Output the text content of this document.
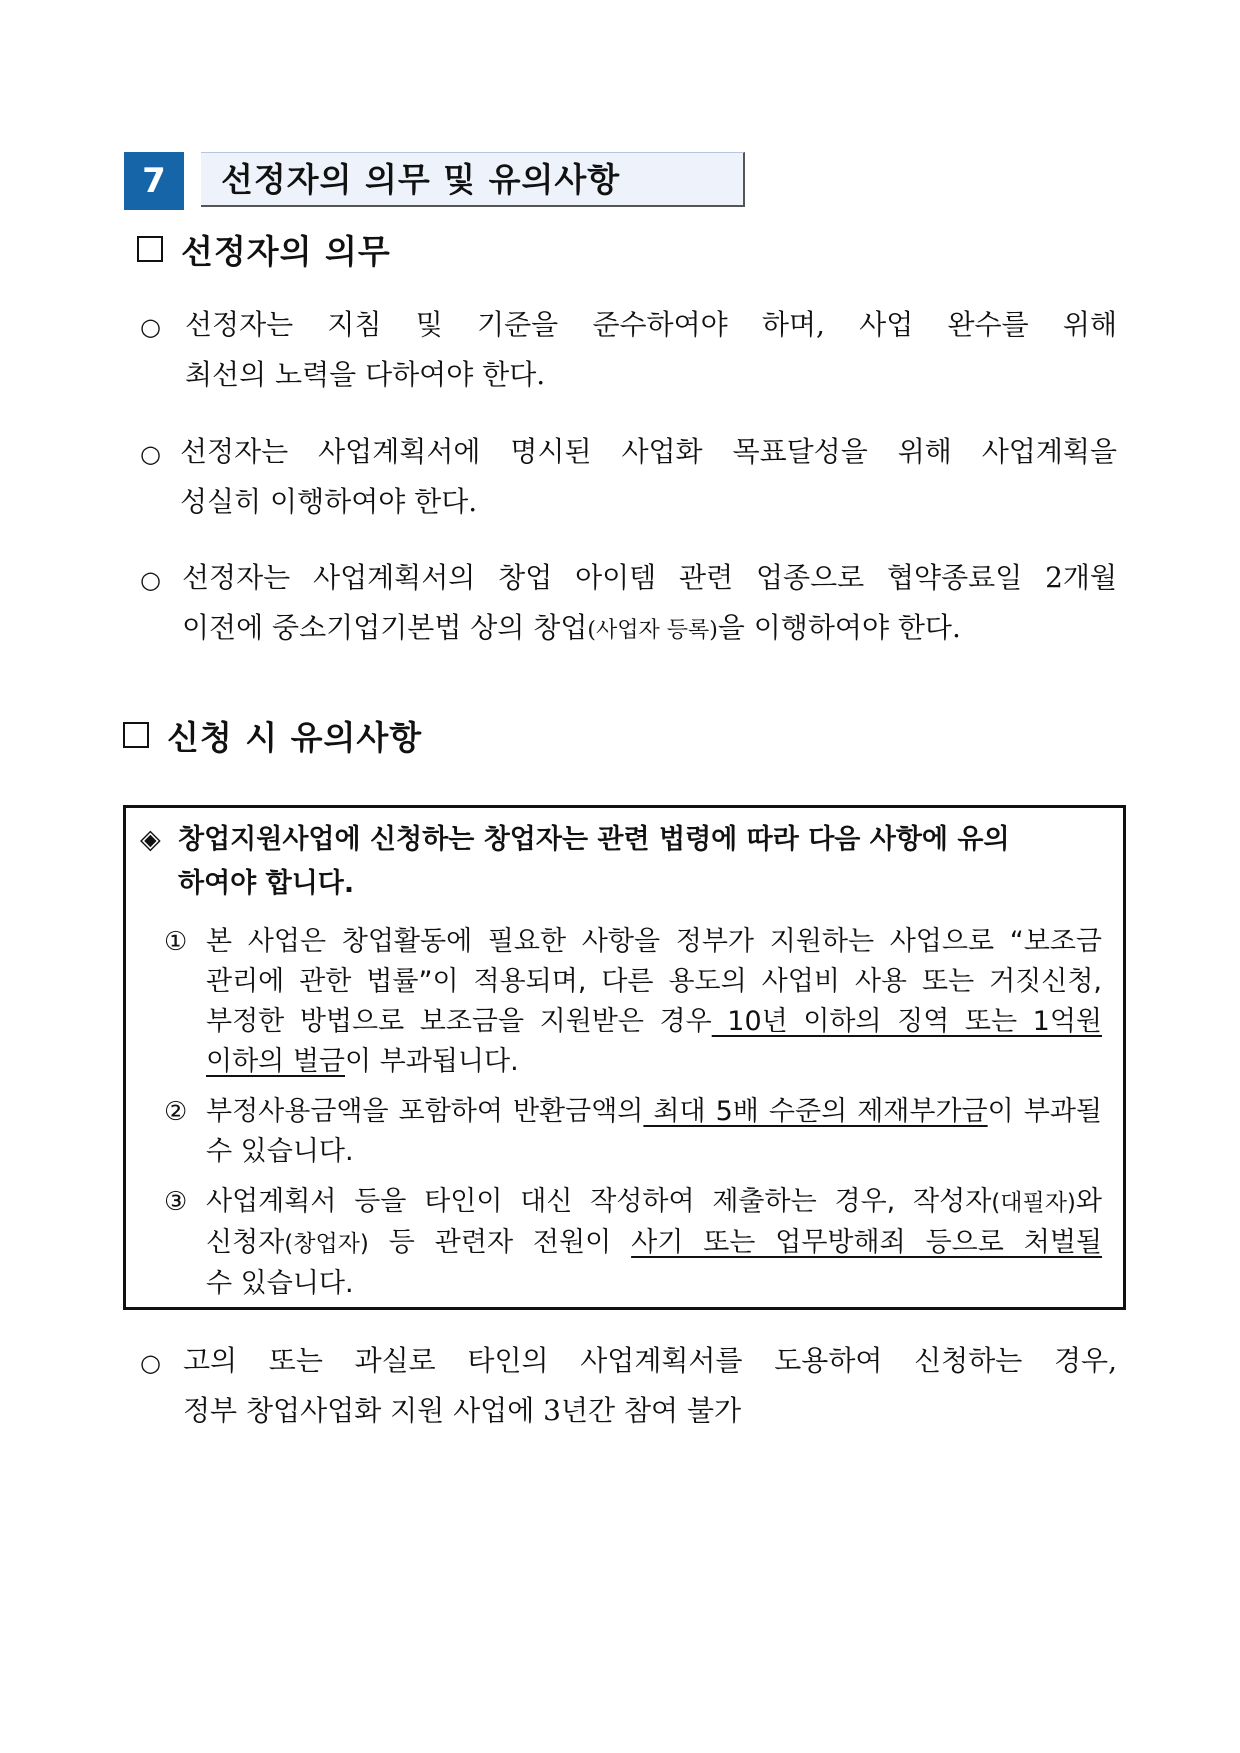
7	선정자의 의무 및 유의사항
선정자의 의무
○ 선정자는 지침 및 기준을 준수하여야 하며, 사업 완수를 위해
최선의 노력을 다하여야 한다.
○ 선정자는 사업계획서에 명시된 사업화 목표달성을 위해 사업계획을
성실히 이행하여야 한다.
○ 선정자는 사업계획서의 창업 아이템 관련 업종으로 협약종료일 2개월
이전에 중소기업기본법 상의 창업(사업자 등록)을 이행하여야 한다.
신청 시 유의사항
◈ 창업지원사업에 신청하는 창업자는 관련 법령에 따라 다음 사항에 유의
하여야 합니다.
① 본 사업은 창업활동에 필요한 사항을 정부가 지원하는 사업으로 “보조금
관리에 관한 법률”이 적용되며, 다른 용도의 사업비 사용 또는 거짓신청,
부정한 방법으로 보조금을 지원받은 경우 10년 이하의 징역 또는 1억원
이하의 벌금이 부과됩니다.
② 부정사용금액을 포함하여 반환금액의 최대 5배 수준의 제재부가금이 부과될
수 있습니다.
③ 사업계획서 등을 타인이 대신 작성하여 제출하는 경우, 작성자(대필자)와
신청자(창업자) 등 관련자 전원이 사기 또는 업무방해죄 등으로 처벌될
수 있습니다.
○ 고의 또는 과실로 타인의 사업계획서를 도용하여 신청하는 경우,
정부 창업사업화 지원 사업에 3년간 참여 불가
